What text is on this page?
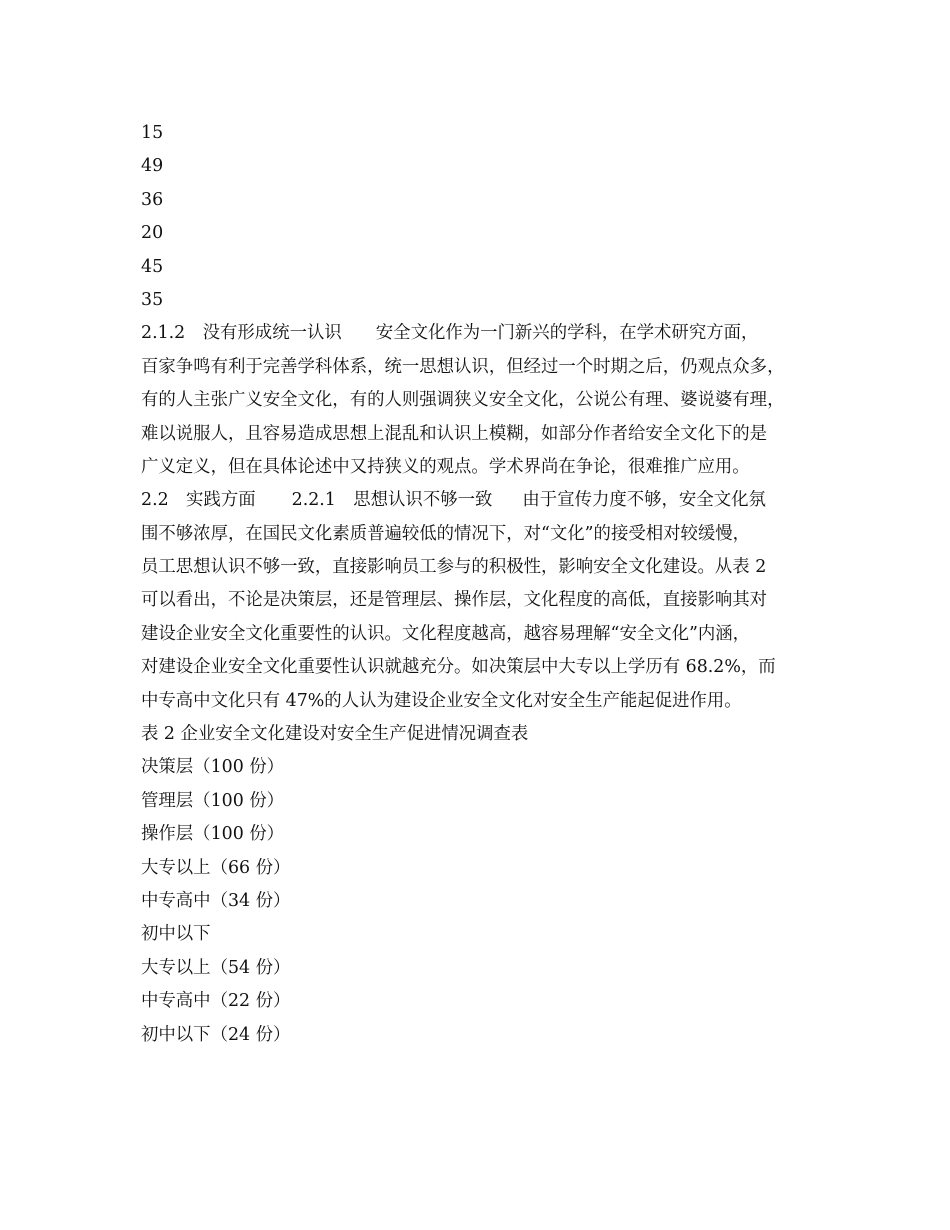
15
49
36
20
45
35
2.1.2　没有形成统一认识 安全文化作为一门新兴的学科，在学术研究方面，
百家争鸣有利于完善学科体系，统一思想认识，但经过一个时期之后，仍观点众多，
有的人主张广义安全文化，有的人则强调狭义安全文化，公说公有理、婆说婆有理，
难以说服人，且容易造成思想上混乱和认识上模糊，如部分作者给安全文化下的是
广义定义，但在具体论述中又持狭义的观点。学术界尚在争论，很难推广应用。
2.2　实践方面 2.2.1　思想认识不够一致 由于宣传力度不够，安全文化氛
围不够浓厚，在国民文化素质普遍较低的情况下，对“文化”的接受相对较缓慢，
员工思想认识不够一致，直接影响员工参与的积极性，影响安全文化建设。从表 2
可以看出，不论是决策层，还是管理层、操作层，文化程度的高低，直接影响其对
建设企业安全文化重要性的认识。文化程度越高，越容易理解“安全文化”内涵，
对建设企业安全文化重要性认识就越充分。如决策层中大专以上学历有 68.2%，而
中专高中文化只有 47%的人认为建设企业安全文化对安全生产能起促进作用。
表 2 企业安全文化建设对安全生产促进情况调查表
决策层（100 份）
管理层（100 份）
操作层（100 份）
大专以上（66 份）
中专高中（34 份）
初中以下
大专以上（54 份）
中专高中（22 份）
初中以下（24 份）
